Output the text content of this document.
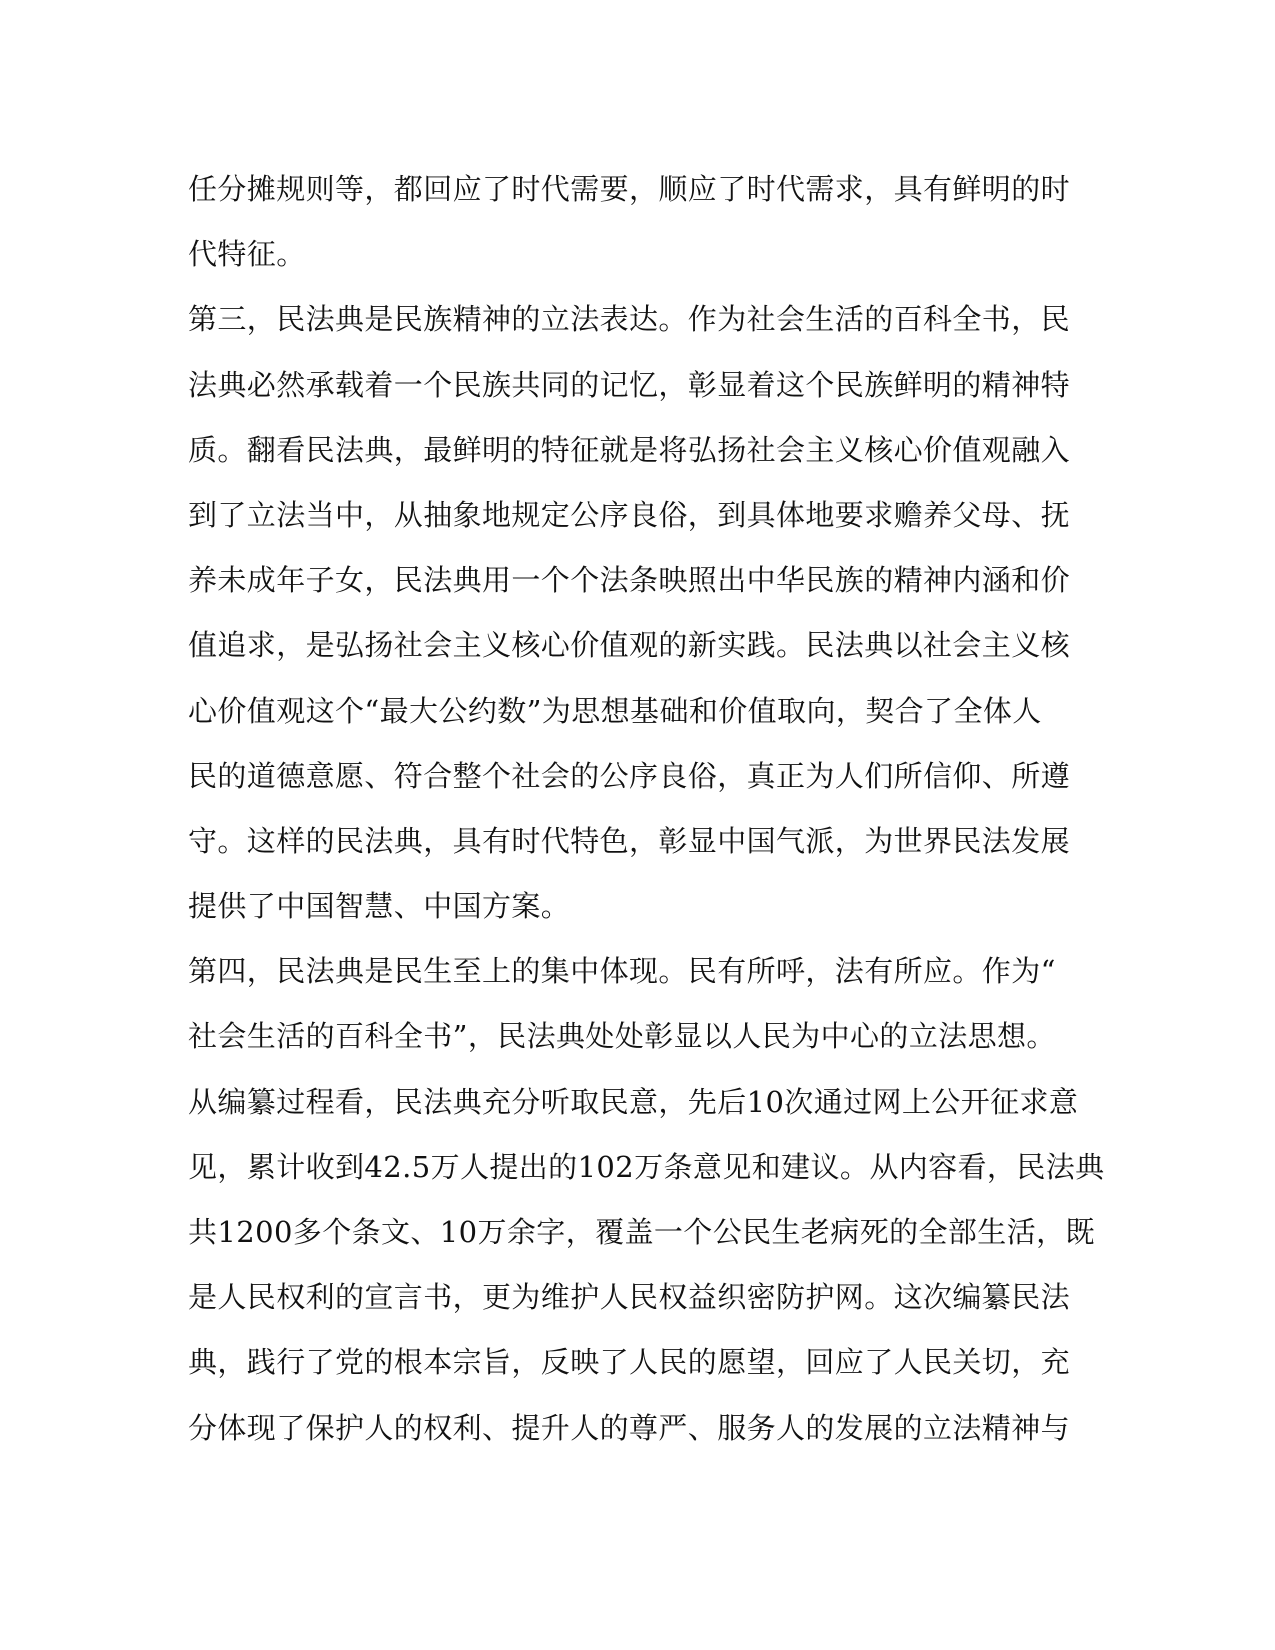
任分摊规则等，都回应了时代需要，顺应了时代需求，具有鲜明的时
代特征。
第三，民法典是民族精神的立法表达。作为社会生活的百科全书，民
法典必然承载着一个民族共同的记忆，彰显着这个民族鲜明的精神特
质。翻看民法典，最鲜明的特征就是将弘扬社会主义核心价值观融入
到了立法当中，从抽象地规定公序良俗，到具体地要求赡养父母、抚
养未成年子女，民法典用一个个法条映照出中华民族的精神内涵和价
值追求，是弘扬社会主义核心价值观的新实践。民法典以社会主义核
心价值观这个“最大公约数”为思想基础和价值取向，契合了全体人
民的道德意愿、符合整个社会的公序良俗，真正为人们所信仰、所遵
守。这样的民法典，具有时代特色，彰显中国气派，为世界民法发展
提供了中国智慧、中国方案。
第四，民法典是民生至上的集中体现。民有所呼，法有所应。作为“
社会生活的百科全书”，民法典处处彰显以人民为中心的立法思想。
从编纂过程看，民法典充分听取民意，先后10次通过网上公开征求意
见，累计收到42.5万人提出的102万条意见和建议。从内容看，民法典
共1200多个条文、10万余字，覆盖一个公民生老病死的全部生活，既
是人民权利的宣言书，更为维护人民权益织密防护网。这次编纂民法
典，践行了党的根本宗旨，反映了人民的愿望，回应了人民关切，充
分体现了保护人的权利、提升人的尊严、服务人的发展的立法精神与
